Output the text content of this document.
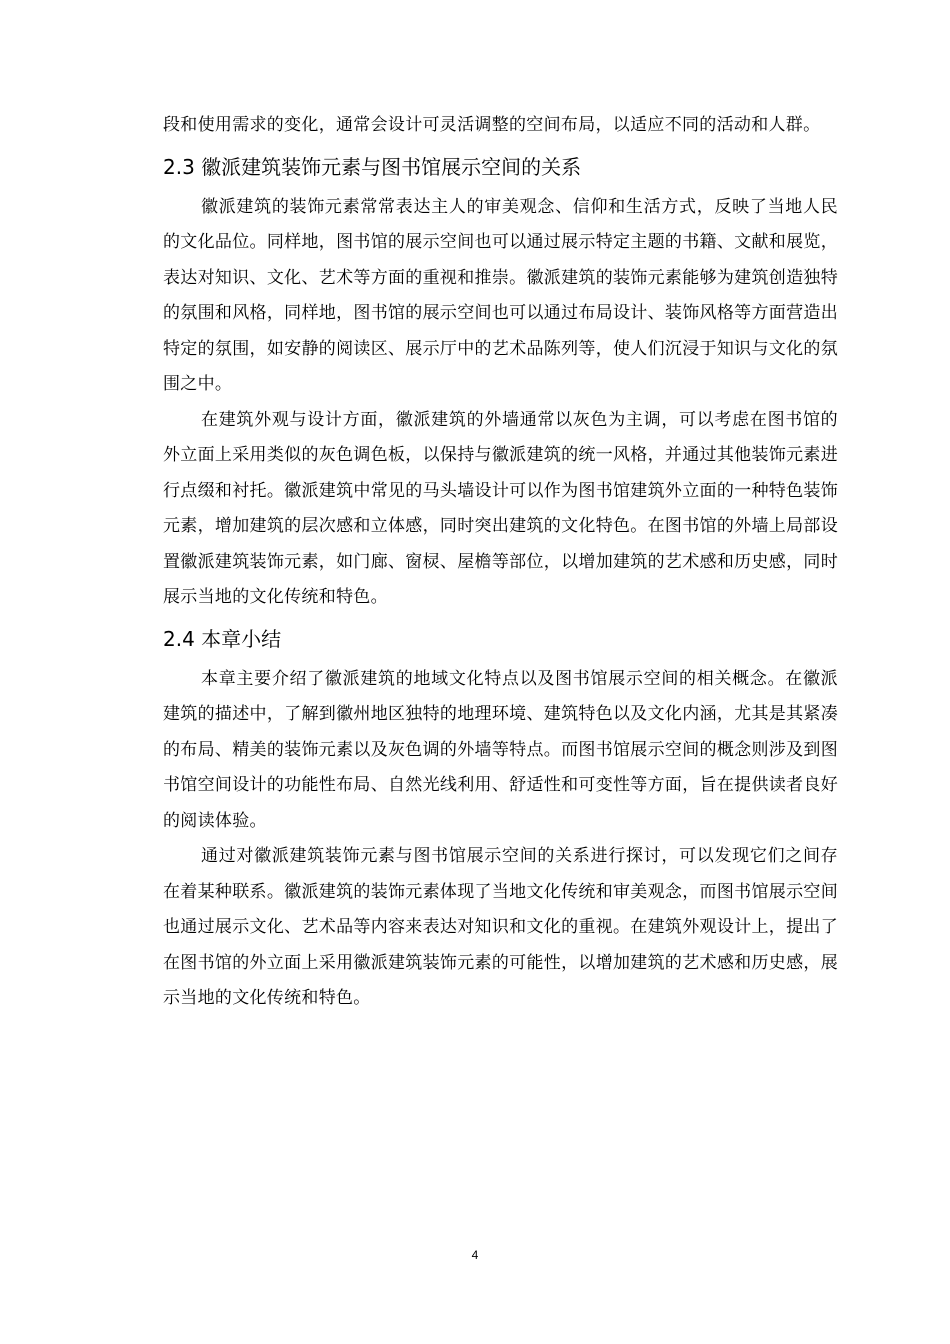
段和使用需求的变化，通常会设计可灵活调整的空间布局，以适应不同的活动和人群。

2.3 徽派建筑装饰元素与图书馆展示空间的关系

徽派建筑的装饰元素常常表达主人的审美观念、信仰和生活方式，反映了当地人民的文化品位。同样地，图书馆的展示空间也可以通过展示特定主题的书籍、文献和展览，表达对知识、文化、艺术等方面的重视和推崇。徽派建筑的装饰元素能够为建筑创造独特的氛围和风格，同样地，图书馆的展示空间也可以通过布局设计、装饰风格等方面营造出特定的氛围，如安静的阅读区、展示厅中的艺术品陈列等，使人们沉浸于知识与文化的氛围之中。

在建筑外观与设计方面，徽派建筑的外墙通常以灰色为主调，可以考虑在图书馆的外立面上采用类似的灰色调色板，以保持与徽派建筑的统一风格，并通过其他装饰元素进行点缀和衬托。徽派建筑中常见的马头墙设计可以作为图书馆建筑外立面的一种特色装饰元素，增加建筑的层次感和立体感，同时突出建筑的文化特色。在图书馆的外墙上局部设置徽派建筑装饰元素，如门廊、窗棂、屋檐等部位，以增加建筑的艺术感和历史感，同时展示当地的文化传统和特色。

2.4 本章小结

本章主要介绍了徽派建筑的地域文化特点以及图书馆展示空间的相关概念。在徽派建筑的描述中，了解到徽州地区独特的地理环境、建筑特色以及文化内涵，尤其是其紧凑的布局、精美的装饰元素以及灰色调的外墙等特点。而图书馆展示空间的概念则涉及到图书馆空间设计的功能性布局、自然光线利用、舒适性和可变性等方面，旨在提供读者良好的阅读体验。

通过对徽派建筑装饰元素与图书馆展示空间的关系进行探讨，可以发现它们之间存在着某种联系。徽派建筑的装饰元素体现了当地文化传统和审美观念，而图书馆展示空间也通过展示文化、艺术品等内容来表达对知识和文化的重视。在建筑外观设计上，提出了在图书馆的外立面上采用徽派建筑装饰元素的可能性，以增加建筑的艺术感和历史感，展示当地的文化传统和特色。

4
